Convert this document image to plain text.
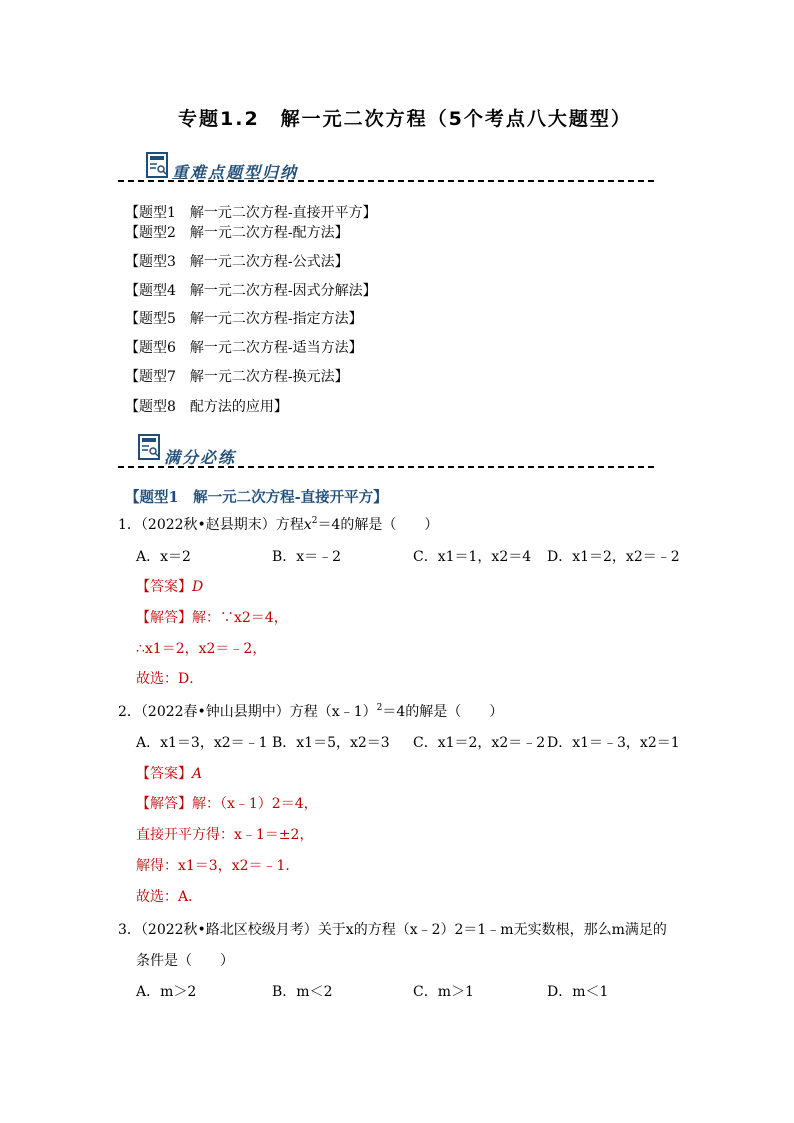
专题1.2　解一元二次方程（5个考点八大题型）
重难点题型归纳
【题型1　解一元二次方程-直接开平方】
【题型2　解一元二次方程-配方法】
【题型3　解一元二次方程-公式法】
【题型4　解一元二次方程-因式分解法】
【题型5　解一元二次方程-指定方法】
【题型6　解一元二次方程-适当方法】
【题型7　解一元二次方程-换元法】
【题型8　配方法的应用】
满分必练
【题型1　解一元二次方程-直接开平方】
1．（2022秋•赵县期末）方程$x^2=4$的解是（　　）
A．x＝2	B．x＝﹣2	C．x1＝1，x2＝4 D．x1＝2，x2＝﹣2
【答案】D
【解答】解：∵x2＝4，
∴x1＝2，x2＝﹣2，
故选：D．
2．（2022春•钟山县期中）方程（x﹣1）$^2$＝4的解是（　　）
A．x1＝3，x2＝﹣1 B．x1＝5，x2＝3 C．x1＝2，x2＝﹣2 D．x1＝﹣3，x2＝1
【答案】A
【解答】解：（x﹣1）2＝4，
直接开平方得：x﹣1＝±2，
解得：x1＝3，x2＝﹣1．
故选：A．
3．（2022秋•路北区校级月考）关于x的方程（x﹣2）2＝1﹣m无实数根，那么m满足的
条件是（　　）
A．m＞2	B．m＜2	C．m＞1	D．m＜1
